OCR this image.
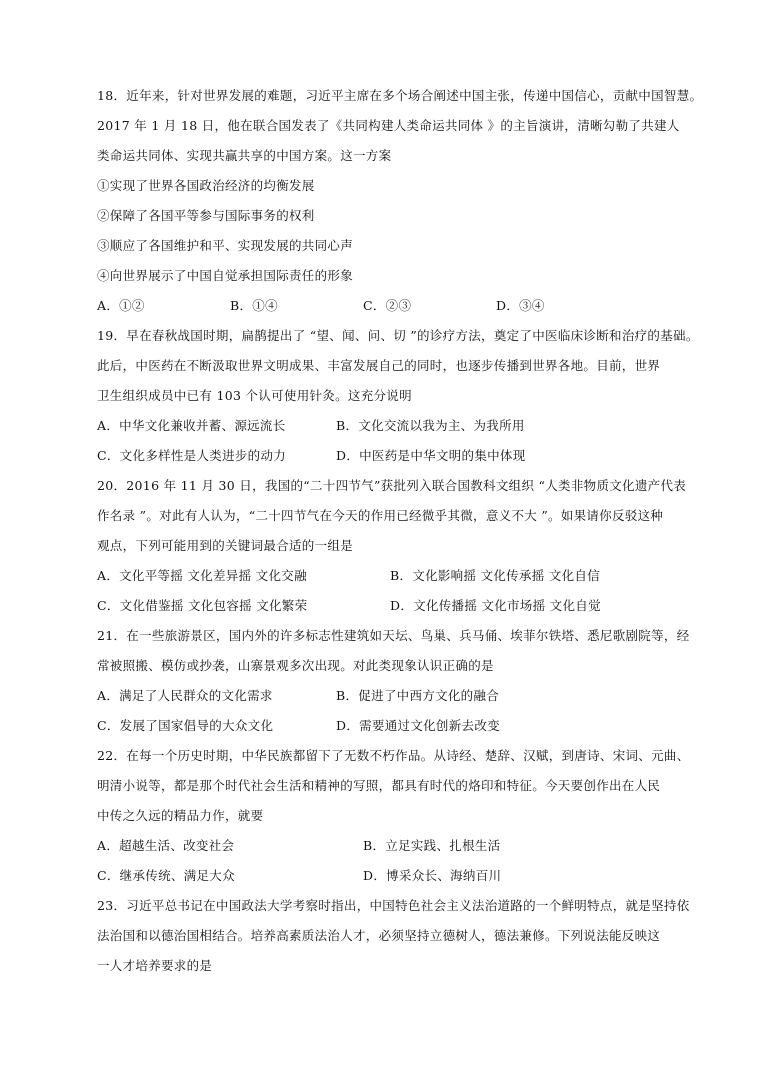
18．近年来，针对世界发展的难题，习近平主席在多个场合阐述中国主张，传递中国信心，贡献中国智慧。
2017 年 1 月 18 日，他在联合国发表了《共同构建人类命运共同体 》的主旨演讲，清晰勾勒了共建人
类命运共同体、实现共赢共享的中国方案。这一方案
①实现了世界各国政治经济的均衡发展
②保障了各国平等参与国际事务的权利
③顺应了各国维护和平、实现发展的共同心声
④向世界展示了中国自觉承担国际责任的形象
A．①②	B．①④	C．②③	D．③④
19．早在春秋战国时期，扁鹊提出了 “望、闻、问、切 ”的诊疗方法，奠定了中医临床诊断和治疗的基础。
此后，中医药在不断汲取世界文明成果、丰富发展自己的同时，也逐步传播到世界各地。目前，世界
卫生组织成员中已有 103 个认可使用针灸。这充分说明
A．中华文化兼收并蓄、源远流长	B．文化交流以我为主、为我所用
C．文化多样性是人类进步的动力	D．中医药是中华文明的集中体现
20．2016 年 11 月 30 日，我国的“二十四节气”获批列入联合国教科文组织 “人类非物质文化遗产代表
作名录 ”。对此有人认为，“二十四节气在今天的作用已经微乎其微，意义不大 ”。如果请你反驳这种
观点，下列可能用到的关键词最合适的一组是
A．文化平等摇 文化差异摇 文化交融	B．文化影响摇 文化传承摇 文化自信
C．文化借鉴摇 文化包容摇 文化繁荣	D．文化传播摇 文化市场摇 文化自觉
21．在一些旅游景区，国内外的许多标志性建筑如天坛、鸟巢、兵马俑、埃菲尔铁塔、悉尼歌剧院等，经
常被照搬、模仿或抄袭，山寨景观多次出现。对此类现象认识正确的是
A．满足了人民群众的文化需求	B．促进了中西方文化的融合
C．发展了国家倡导的大众文化	D．需要通过文化创新去改变
22．在每一个历史时期，中华民族都留下了无数不朽作品。从诗经、楚辞、汉赋，到唐诗、宋词、元曲、
明清小说等，都是那个时代社会生活和精神的写照，都具有时代的烙印和特征。今天要创作出在人民
中传之久远的精品力作，就要
A．超越生活、改变社会	B．立足实践、扎根生活
C．继承传统、满足大众	D．博采众长、海纳百川
23．习近平总书记在中国政法大学考察时指出，中国特色社会主义法治道路的一个鲜明特点，就是坚持依
法治国和以德治国相结合。培养高素质法治人才，必须坚持立德树人，德法兼修。下列说法能反映这
一人才培养要求的是
